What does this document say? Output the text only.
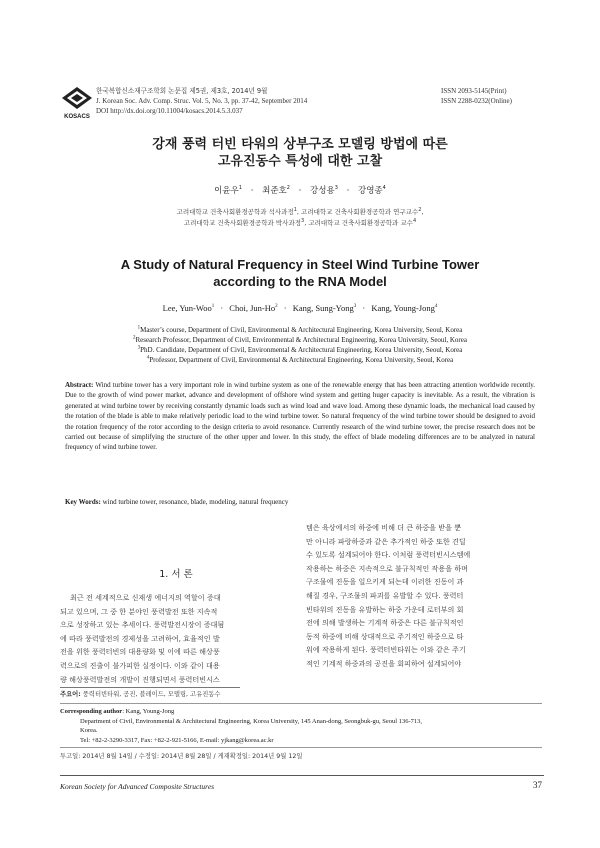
KOSACS
한국복합신소재구조학회 논문집 제5권, 제3호, 2014년 9월
J. Korean Soc. Adv. Comp. Struc. Vol. 5, No. 3, pp. 37-42, September 2014
DOI http://dx.doi.org/10.11004/kosacs.2014.5.3.037
ISSN 2093-5145(Print)
ISSN 2288-0232(Online)
강재 풍력 터빈 타워의 상부구조 모델링 방법에 따른
고유진동수 특성에 대한 고찰
이윤우$^1$ · 최준호$^2$ · 강성용$^3$ · 강영종$^4$
고려대학교 건축사회환경공학과 석사과정$^1$, 고려대학교 건축사회환경공학과 연구교수$^2$,
고려대학교 건축사회환경공학과 박사과정$^3$, 고려대학교 건축사회환경공학과 교수$^4$
A Study of Natural Frequency in Steel Wind Turbine Tower
according to the RNA Model
Lee, Yun-Woo$^1$ · Choi, Jun-$Ho^2$ · Kang, Sung-Yong$^3$ · Kang, Young-Jong$^4$
$^1$Master’s course, Department of Civil, Environmental & Architectural Engineering, Korea University, Seoul, Korea
$^2$Research Professor, Department of Civil, Environmental & Architectural Engineering, Korea University, Seoul, Korea
$^3$PhD. Candidate, Department of Civil, Environmental & Architectural Engineering, Korea University, Seoul, Korea
$^4$Professor, Department of Civil, Environmental & Architectural Engineering, Korea University, Seoul, Korea
Abstract: Wind turbine tower has a very important role in wind turbine system as one of the renewable energy that has been attracting attention worldwide recently. Due to the growth of wind power market, advance and development of offshore wind system and getting huger capacity is inevitable. As a result, the vibration is generated at wind turbine tower by receiving constantly dynamic loads such as wind load and wave load. Among these dynamic loads, the mechanical load caused by the rotation of the blade is able to make relatively periodic load to the wind turbine tower. So natural frequency of the wind turbine tower should be designed to avoid the rotation frequency of the rotor according to the design criteria to avoid resonance. Currently research of the wind turbine tower, the precise research does not be carried out because of simplifying the structure of the other upper and lower. In this study, the effect of blade modeling differences are to be analyzed in natural frequency of wind turbine tower.
Key Words: wind turbine tower, resonance, blade, modeling, natural frequency
1. 서 론
최근 전 세계적으로 신재생 에너지의 역할이 증대
되고 있으며, 그 중 한 분야인 풍력발전 또한 지속적
으로 성장하고 있는 추세이다. 풍력발전시장이 증대됨
에 따라 풍력발전의 경제성을 고려하여, 효율적인 발
전을 위한 풍력터빈의 대용량화 및 이에 따른 해상풍
력으로의 진출이 불가피한 실정이다. 이와 같이 대용
량 해상풍력발전의 개발이 진행되면서 풍력터빈시스
템은 육상에서의 하중에 비해 더 큰 하중을 받을 뿐
만 아니라 파랑하중과 같은 추가적인 하중 또한 견딜
수 있도록 설계되어야 한다. 이처럼 풍력터빈시스템에
작용하는 하중은 지속적으로 불규칙적인 작용을 하며
구조물에 진동을 일으키게 되는데 이러한 진동이 과
해질 경우, 구조물의 파괴를 유발할 수 있다. 풍력터
빈타워의 진동을 유발하는 하중 가운데 로터부의 회
전에 의해 발생하는 기계적 하중은 다른 불규칙적인
동적 하중에 비해 상대적으로 주기적인 하중으로 타
워에 작용하게 된다. 풍력터빈타워는 이와 같은 주기
적인 기계적 하중과의 공진을 회피하여 설계되어야
주요어: 풍력터빈타워, 공진, 블레이드, 모델링, 고유진동수
Corresponding author: Kang, Young-Jong
Department of Civil, Environmental & Architectural Engineering, Korea University, 145 Anan-dong, Seongbuk-gu, Seoul 136-713,
Korea.
Tel: +82-2-3290-3317, Fax: +82-2-921-5166, E-mail: yjkang@korea.ac.kr
투고일: 2014년 8월 14일 / 수정일: 2014년 8월 28일 / 게재확정일: 2014년 9월 12일
Korean Society for Advanced Composite Structures	37
